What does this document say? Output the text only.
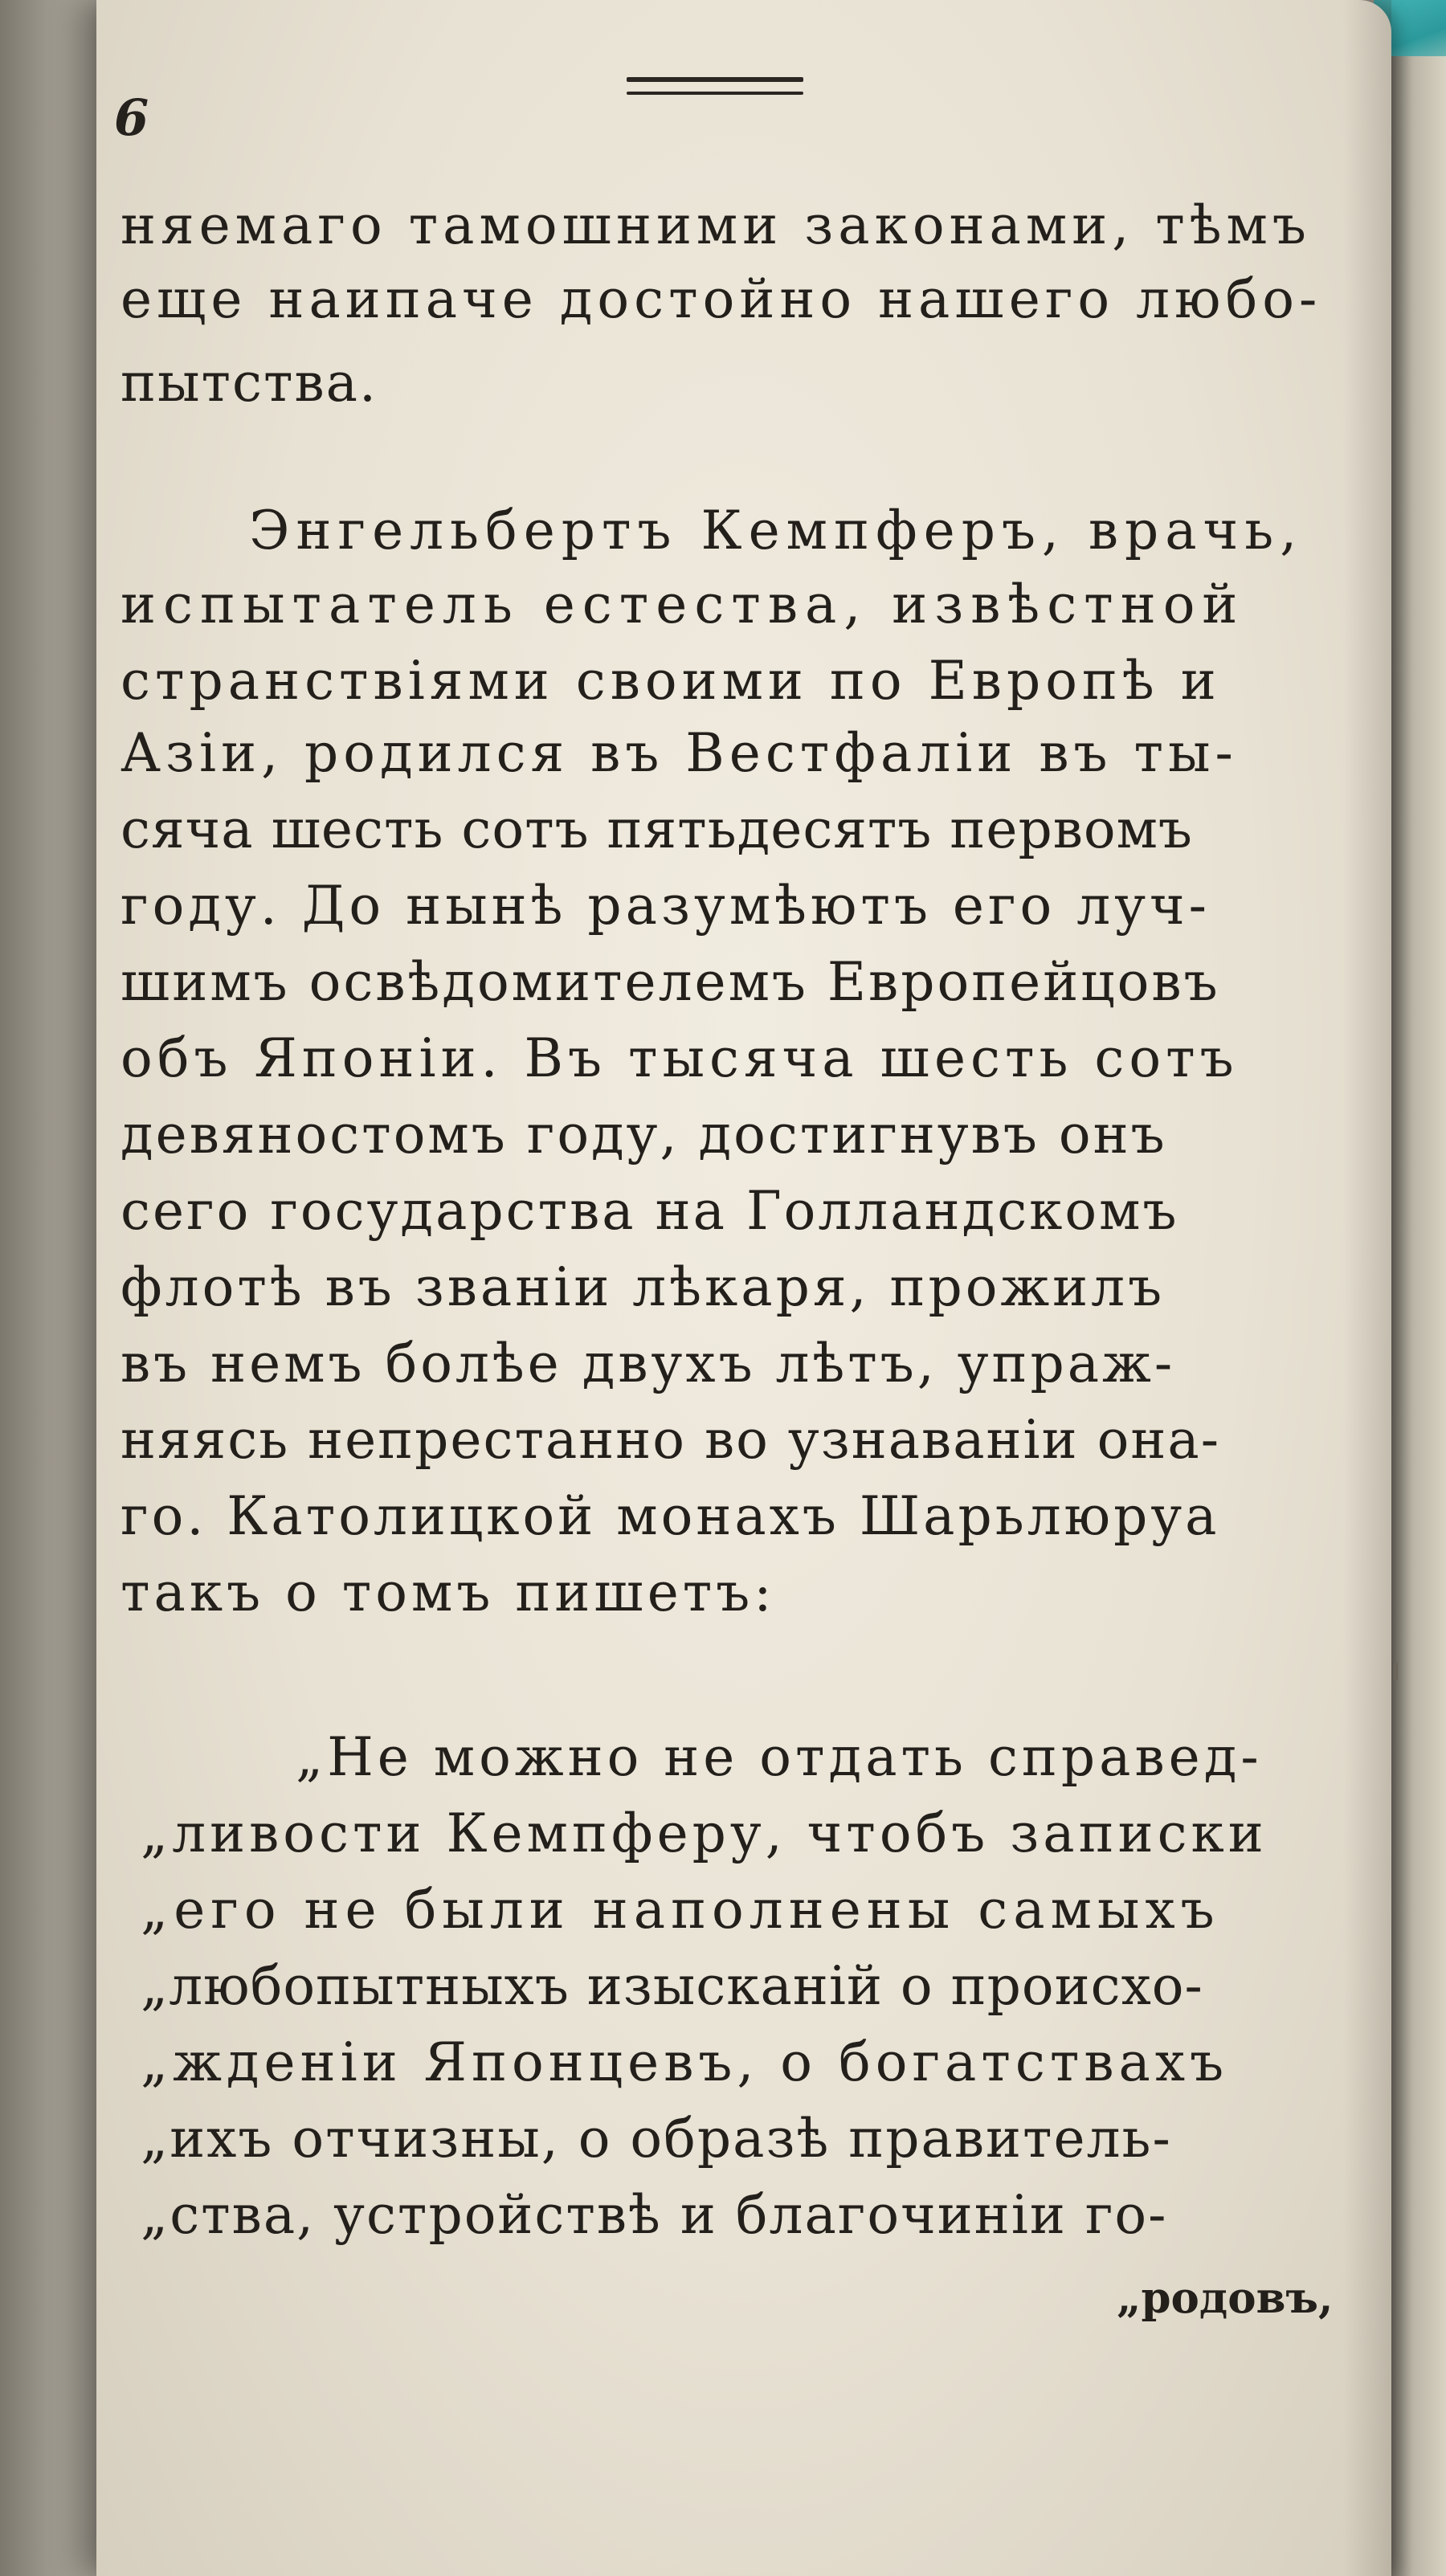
6
няемаго тамошними законами, тѣмъ
еще наипаче достойно нашего любо-
пытства.
Энгельбертъ Кемпферъ, врачь,
испытатель естества, извѣстной
странствіями своими по Европѣ и
Азіи, родился въ Вестфаліи въ ты-
сяча шесть сотъ пятьдесятъ первомъ
году. До нынѣ разумѣютъ его луч-
шимъ освѣдомителемъ Европейцовъ
объ Японіи. Въ тысяча шесть сотъ
девяностомъ году, достигнувъ онъ
сего государства на Голландскомъ
флотѣ въ званіи лѣкаря, прожилъ
въ немъ болѣе двухъ лѣтъ, упраж-
няясь непрестанно во узнаваніи она-
го. Католицкой монахъ Шарьлюруа
такъ о томъ пишетъ:
„Не можно не отдать справед-
„ливости Кемпферу, чтобъ записки
„его не были наполнены самыхъ
„любопытныхъ изысканій о происхо-
„жденіи Японцевъ, о богатствахъ
„ихъ отчизны, о образѣ правитель-
„ства, устройствѣ и благочиніи го-
„родовъ,
